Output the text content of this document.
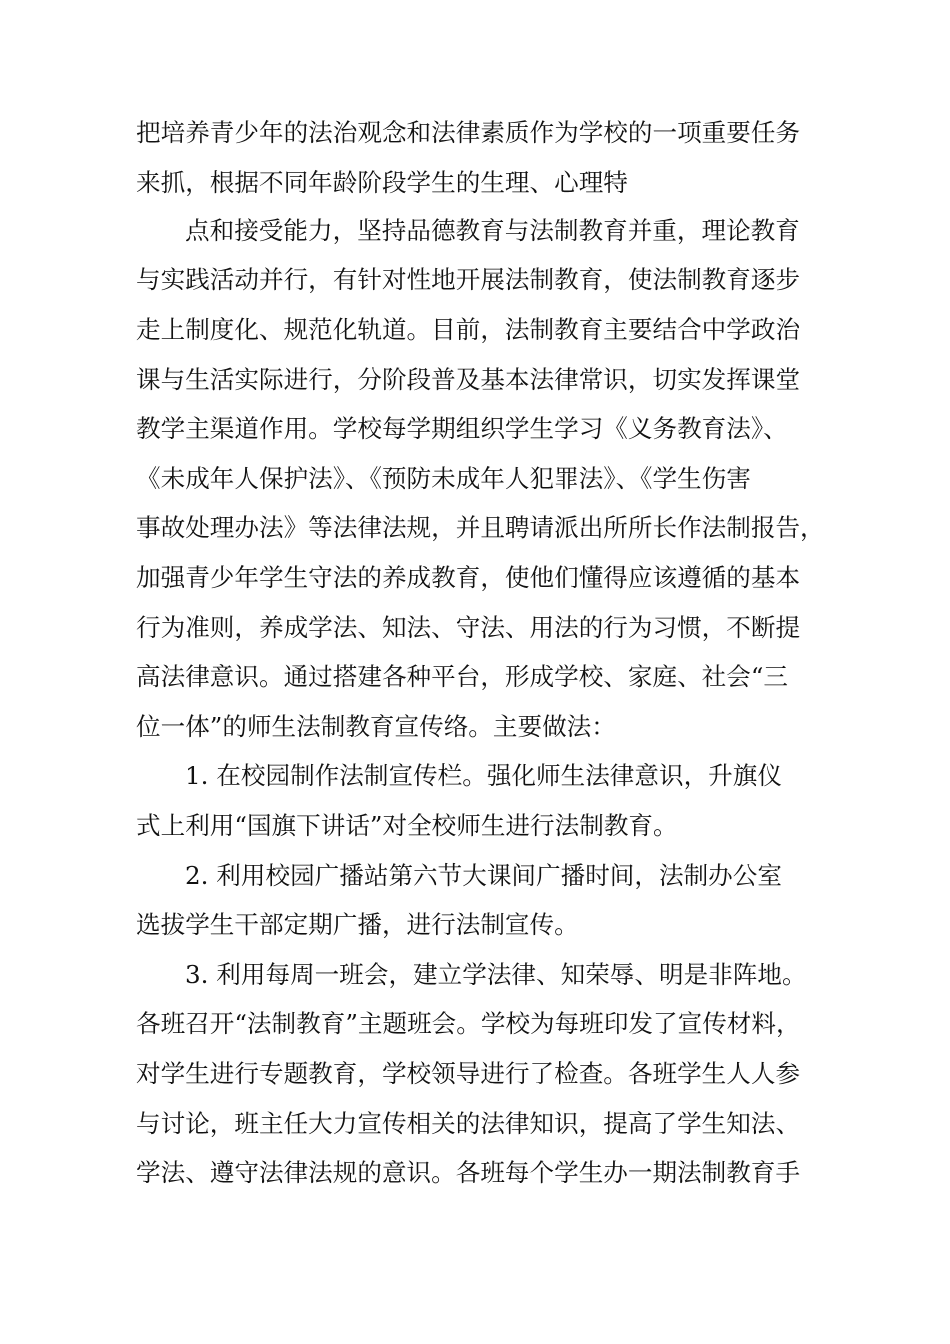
把培养青少年的法治观念和法律素质作为学校的一项重要任务

来抓，根据不同年龄阶段学生的生理、心理特

点和接受能力，坚持品德教育与法制教育并重，理论教育

与实践活动并行，有针对性地开展法制教育，使法制教育逐步

走上制度化、规范化轨道。目前，法制教育主要结合中学政治

课与生活实际进行，分阶段普及基本法律常识，切实发挥课堂

教学主渠道作用。学校每学期组织学生学习《义务教育法》、

《未成年人保护法》、《预防未成年人犯罪法》、《学生伤害

事故处理办法》等法律法规，并且聘请派出所所长作法制报告，

加强青少年学生守法的养成教育，使他们懂得应该遵循的基本

行为准则，养成学法、知法、守法、用法的行为习惯，不断提

高法律意识。通过搭建各种平台，形成学校、家庭、社会“三

位一体”的师生法制教育宣传络。主要做法：

1. 在校园制作法制宣传栏。强化师生法律意识，升旗仪

式上利用“国旗下讲话”对全校师生进行法制教育。

2. 利用校园广播站第六节大课间广播时间，法制办公室

选拔学生干部定期广播，进行法制宣传。

3. 利用每周一班会，建立学法律、知荣辱、明是非阵地。

各班召开“法制教育”主题班会。学校为每班印发了宣传材料，

对学生进行专题教育，学校领导进行了检查。各班学生人人参

与讨论，班主任大力宣传相关的法律知识，提高了学生知法、

学法、遵守法律法规的意识。各班每个学生办一期法制教育手
